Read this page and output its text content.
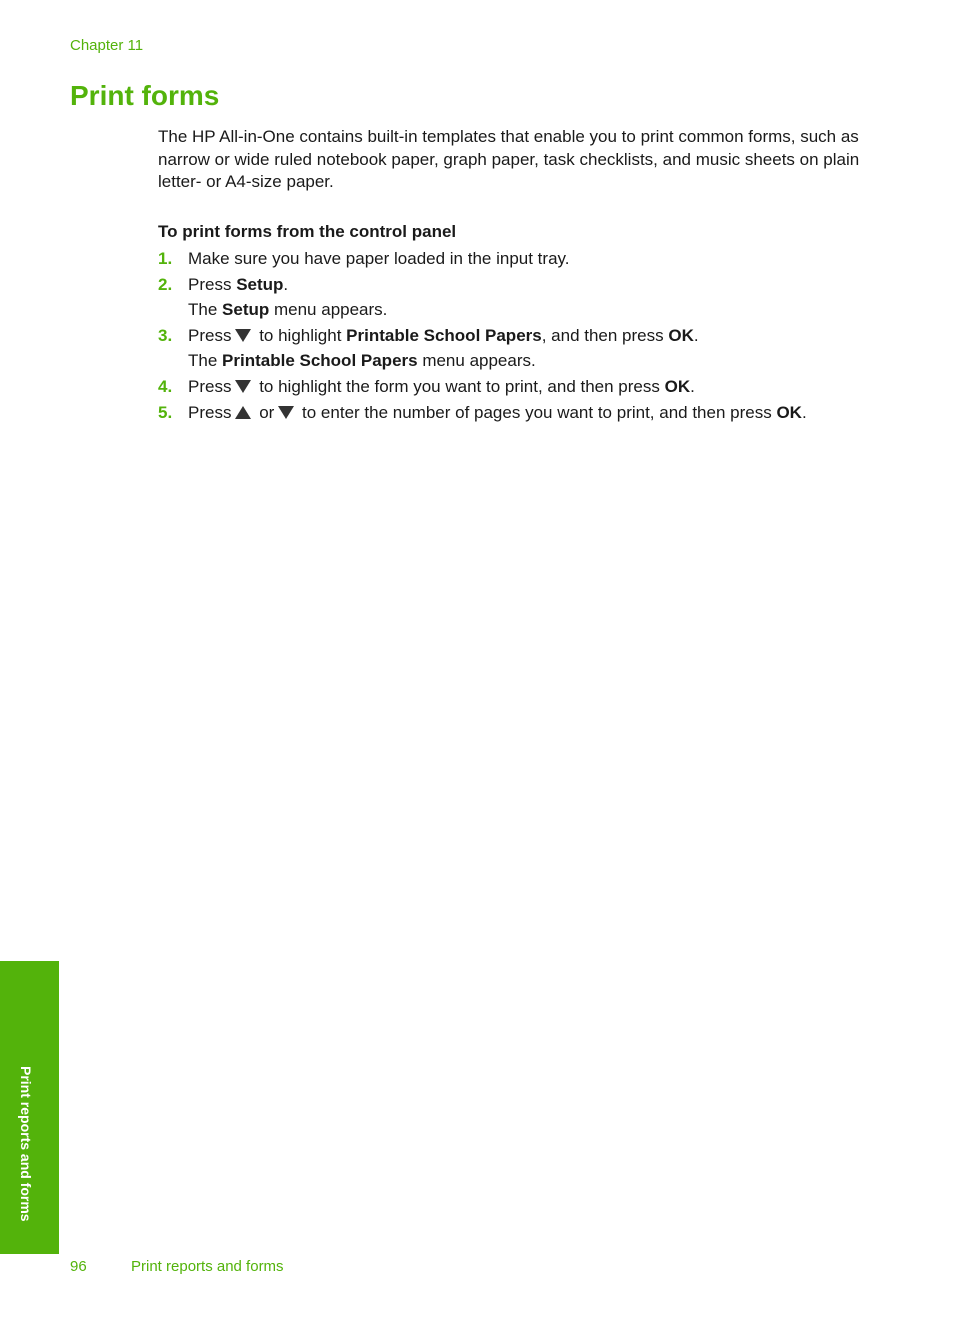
Chapter 11
Print forms

The HP All-in-One contains built-in templates that enable you to print common forms, such as narrow or wide ruled notebook paper, graph paper, task checklists, and music sheets on plain letter- or A4-size paper.

To print forms from the control panel

1. Make sure you have paper loaded in the input tray.
2. Press Setup.
The Setup menu appears.
3. Press to highlight Printable School Papers, and then press OK.
The Printable School Papers menu appears.
4. Press to highlight the form you want to print, and then press OK.
5. Press or to enter the number of pages you want to print, and then press OK.
Print reports and forms
96	Print reports and forms
